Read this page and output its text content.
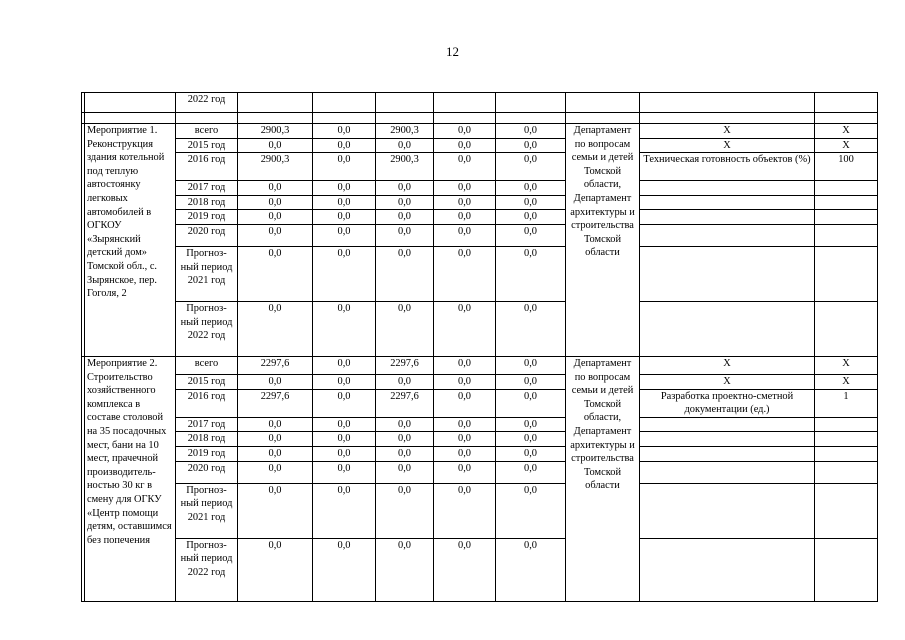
12
		2022 год								

	Мероприятие 1. Реконструкция здания котельной под теплую автостоянку легковых автомобилей в ОГКОУ «Зырянский детский дом» Томской обл., с. Зырянское, пер. Гоголя, 2	всего	2900,3	0,0	2900,3	0,0	0,0	Департамент по вопросам семьи и детей Томской области, Департамент архитектуры и строительства Томской области	Х	Х
		2015 год	0,0	0,0	0,0	0,0	0,0		Х	Х
		2016 год	2900,3	0,0	2900,3	0,0	0,0		Техническая готовность объектов (%)	100
		2017 год	0,0	0,0	0,0	0,0	0,0			
		2018 год	0,0	0,0	0,0	0,0	0,0			
		2019 год	0,0	0,0	0,0	0,0	0,0			
		2020 год	0,0	0,0	0,0	0,0	0,0			
		Прогноз-ный период 2021 год	0,0	0,0	0,0	0,0	0,0			
		Прогноз-ный период 2022 год	0,0	0,0	0,0	0,0	0,0			
	Мероприятие 2. Строительство хозяйственного комплекса в составе столовой на 35 посадочных мест, бани на 10 мест, прачечной производитель-ностью 30 кг в смену для ОГКУ «Центр помощи детям, оставшимся без попечения	всего	2297,6	0,0	2297,6	0,0	0,0	Департамент по вопросам семьи и детей Томской области, Департамент архитектуры и строительства Томской области	Х	Х
		2015 год	0,0	0,0	0,0	0,0	0,0		Х	Х
		2016 год	2297,6	0,0	2297,6	0,0	0,0		Разработка проектно-сметной документации (ед.)	1
		2017 год	0,0	0,0	0,0	0,0	0,0			
		2018 год	0,0	0,0	0,0	0,0	0,0			
		2019 год	0,0	0,0	0,0	0,0	0,0			
		2020 год	0,0	0,0	0,0	0,0	0,0			
		Прогноз-ный период 2021 год	0,0	0,0	0,0	0,0	0,0			
		Прогноз-ный период 2022 год	0,0	0,0	0,0	0,0	0,0			
